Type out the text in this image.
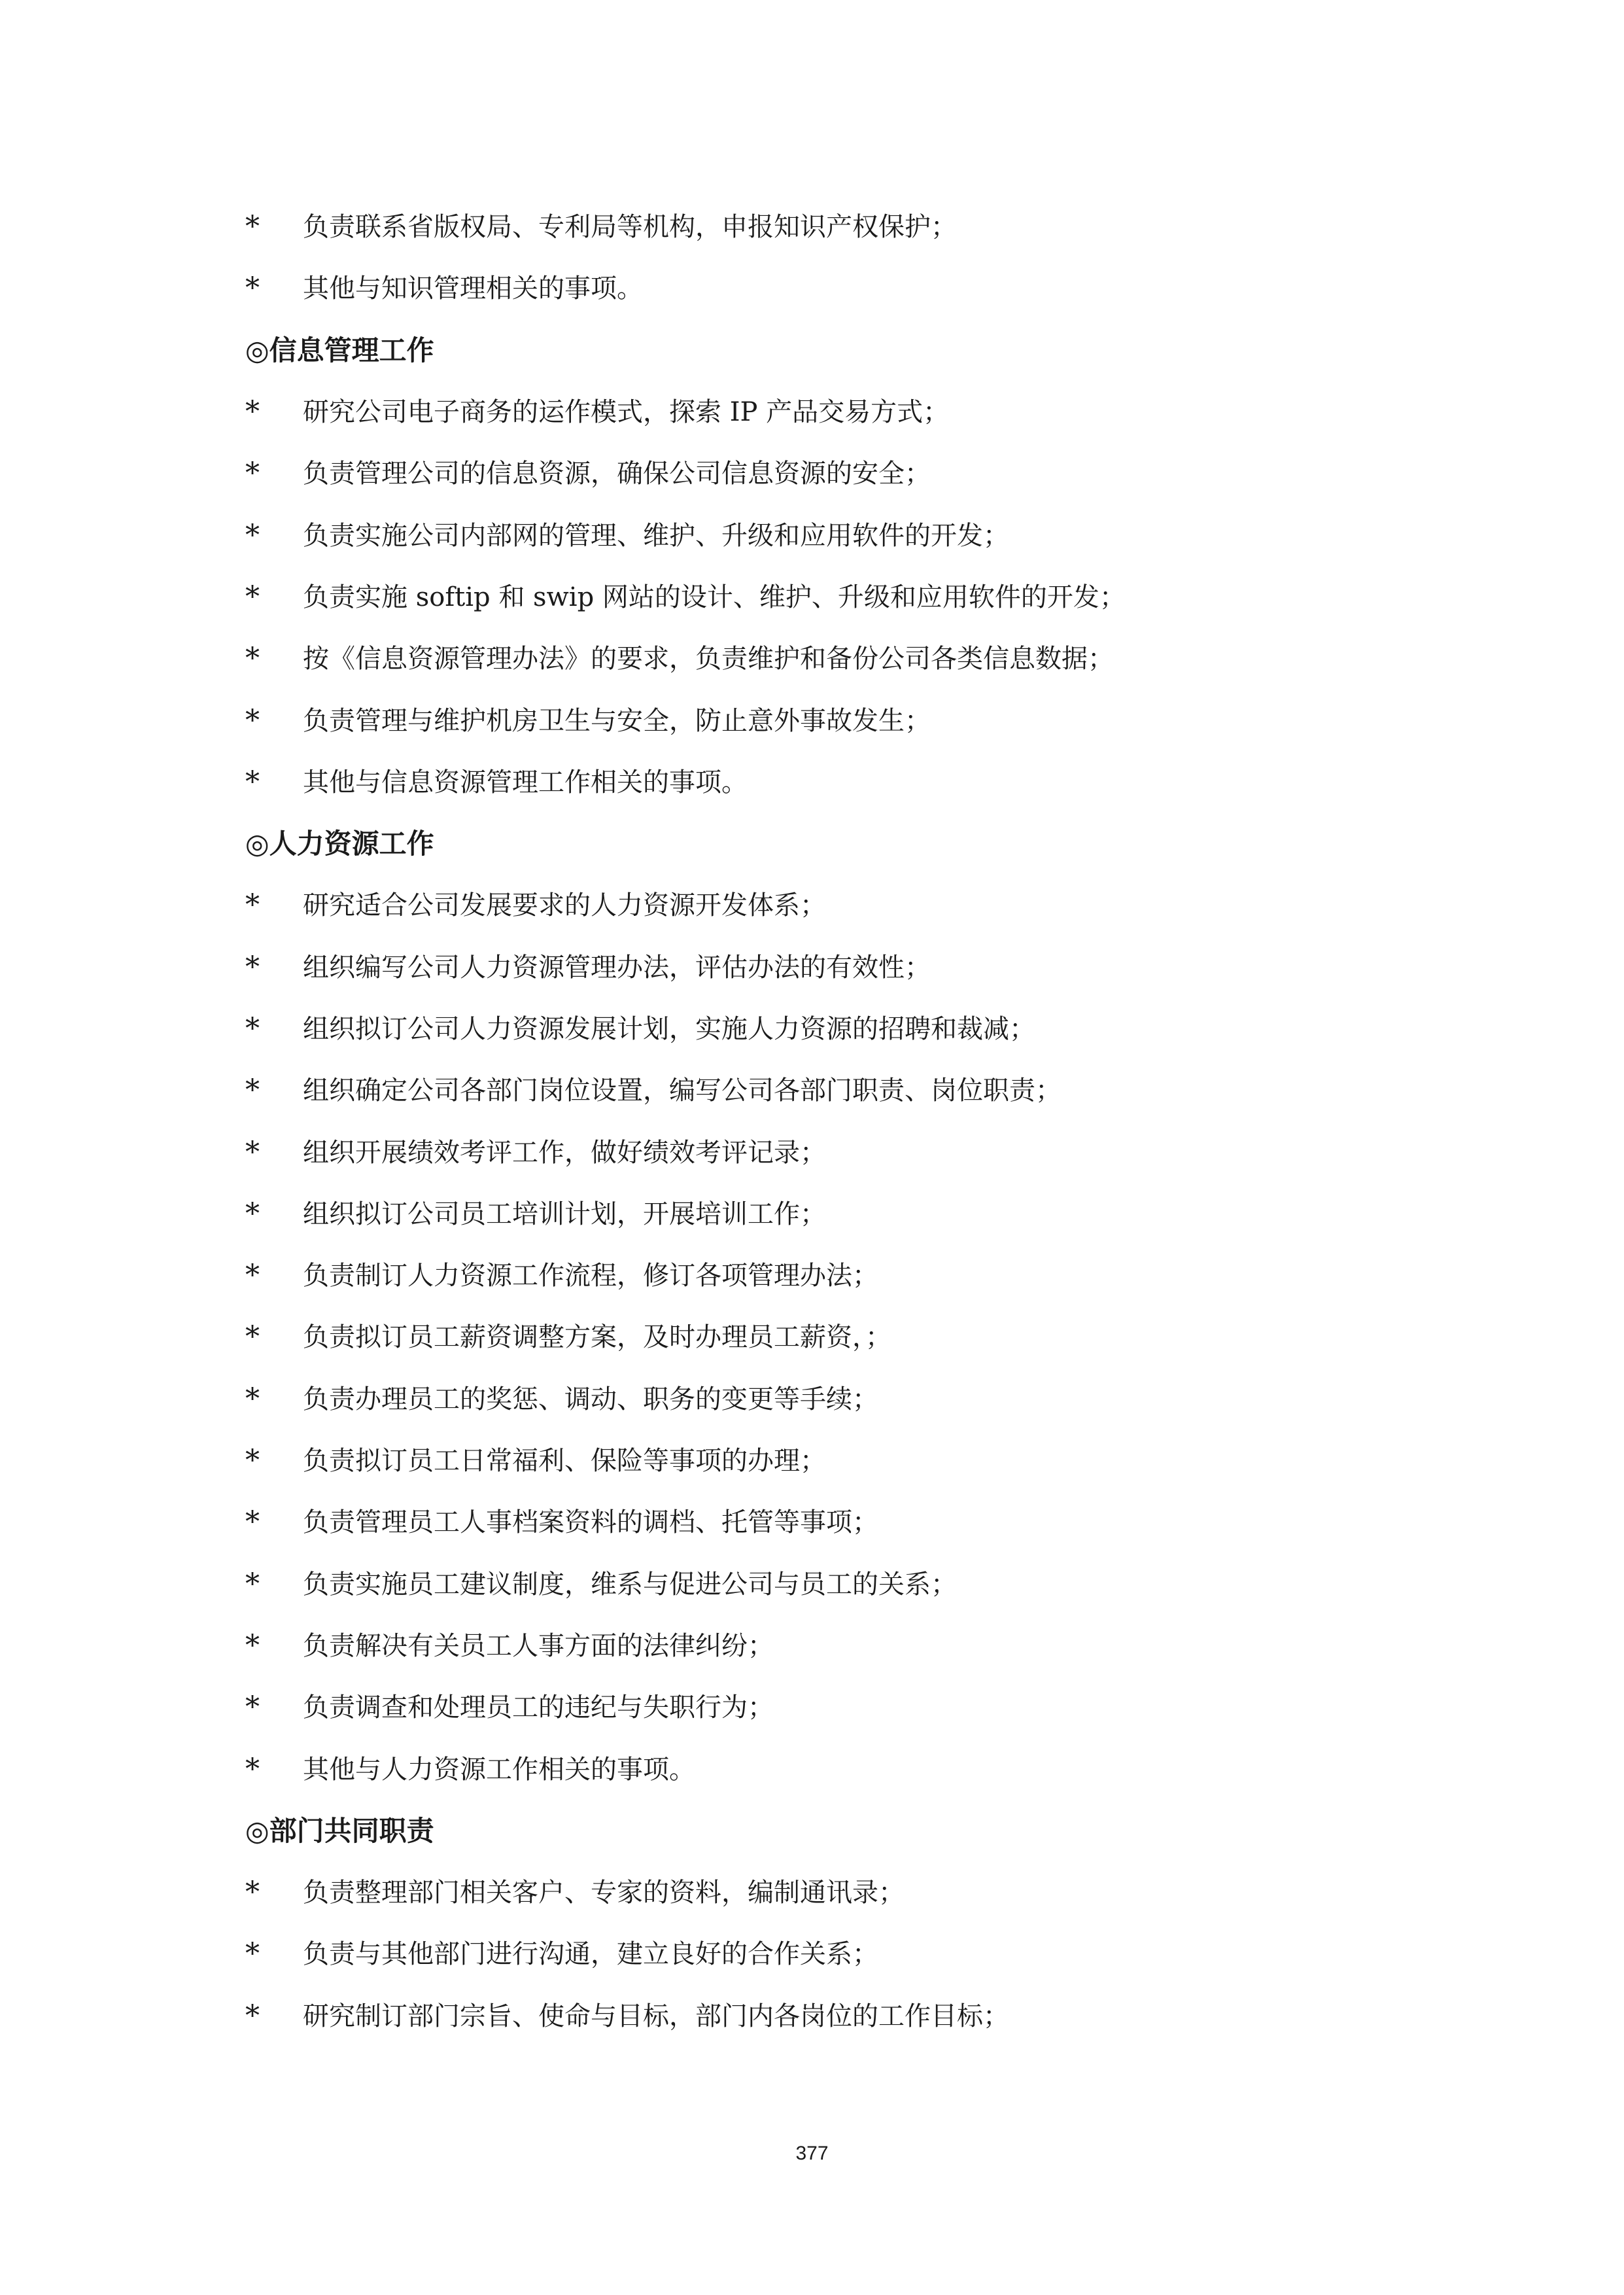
*	负责联系省版权局、专利局等机构，申报知识产权保护；
*	其他与知识管理相关的事项。
◎信息管理工作
*	研究公司电子商务的运作模式，探索 IP 产品交易方式；
*	负责管理公司的信息资源，确保公司信息资源的安全；
*	负责实施公司内部网的管理、维护、升级和应用软件的开发；
*	负责实施 softip 和 swip 网站的设计、维护、升级和应用软件的开发；
*	按《信息资源管理办法》的要求，负责维护和备份公司各类信息数据；
*	负责管理与维护机房卫生与安全，防止意外事故发生；
*	其他与信息资源管理工作相关的事项。
◎人力资源工作
*	研究适合公司发展要求的人力资源开发体系；
*	组织编写公司人力资源管理办法，评估办法的有效性；
*	组织拟订公司人力资源发展计划，实施人力资源的招聘和裁减；
*	组织确定公司各部门岗位设置，编写公司各部门职责、岗位职责；
*	组织开展绩效考评工作，做好绩效考评记录；
*	组织拟订公司员工培训计划，开展培训工作；
*	负责制订人力资源工作流程，修订各项管理办法；
*	负责拟订员工薪资调整方案，及时办理员工薪资，；
*	负责办理员工的奖惩、调动、职务的变更等手续；
*	负责拟订员工日常福利、保险等事项的办理；
*	负责管理员工人事档案资料的调档、托管等事项；
*	负责实施员工建议制度，维系与促进公司与员工的关系；
*	负责解决有关员工人事方面的法律纠纷；
*	负责调查和处理员工的违纪与失职行为；
*	其他与人力资源工作相关的事项。
◎部门共同职责
*	负责整理部门相关客户、专家的资料，编制通讯录；
*	负责与其他部门进行沟通，建立良好的合作关系；
*	研究制订部门宗旨、使命与目标，部门内各岗位的工作目标；
377
